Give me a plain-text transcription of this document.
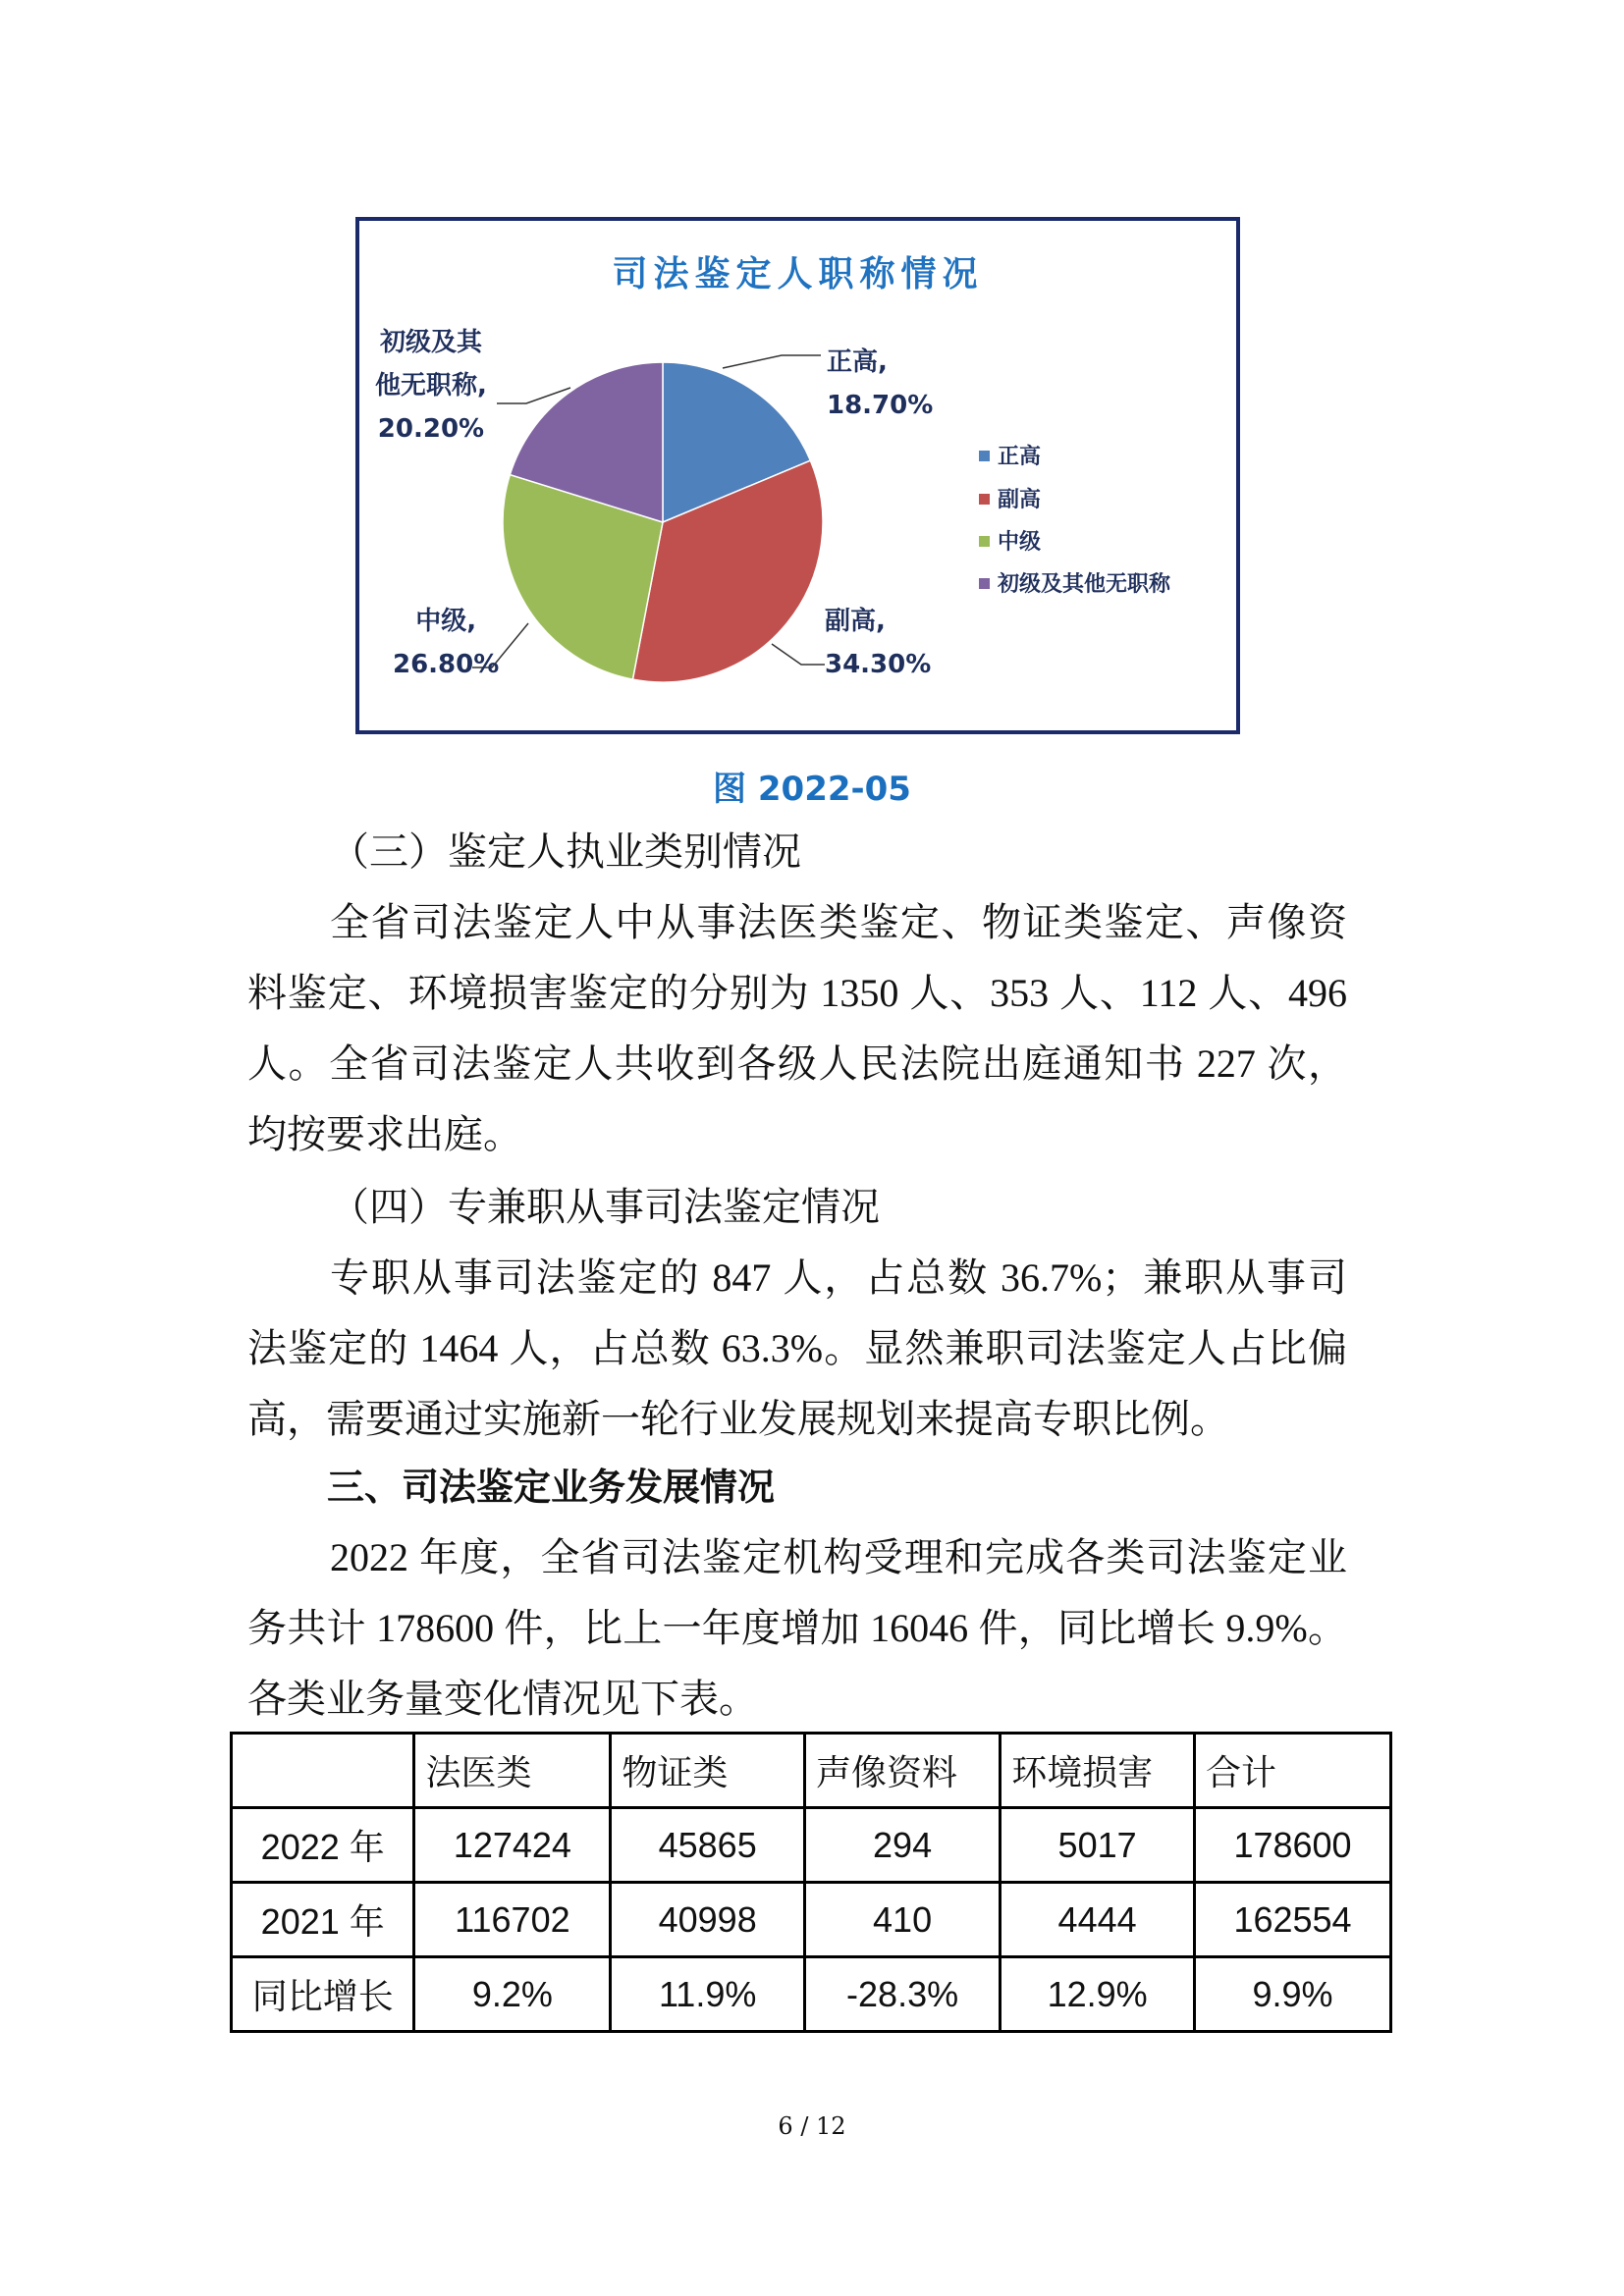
司法鉴定人职称情况
正高,
18.70%
副高,
34.30%
中级,
26.80%
初级及其
他无职称,
20.20%
正高
副高
中级
初级及其他无职称
图 2022-05
（三）鉴定人执业类别情况
全省司法鉴定人中从事法医类鉴定、物证类鉴定、声像资
料鉴定、环境损害鉴定的分别为 1350 人、353 人、112 人、496
人。全省司法鉴定人共收到各级人民法院出庭通知书 227 次，
均按要求出庭。
（四）专兼职从事司法鉴定情况
专职从事司法鉴定的 847 人，占总数 36.7%；兼职从事司
法鉴定的 1464 人，占总数 63.3%。显然兼职司法鉴定人占比偏
高，需要通过实施新一轮行业发展规划来提高专职比例。
三、司法鉴定业务发展情况
2022 年度，全省司法鉴定机构受理和完成各类司法鉴定业
务共计 178600 件，比上一年度增加 16046 件，同比增长 9.9%。
各类业务量变化情况见下表。
	法医类	物证类	声像资料	环境损害	合计
2022 年	127424	45865	294	5017	178600
2021 年	116702	40998	410	4444	162554
同比增长	9.2%	11.9%	-28.3%	12.9%	9.9%
6 / 12
